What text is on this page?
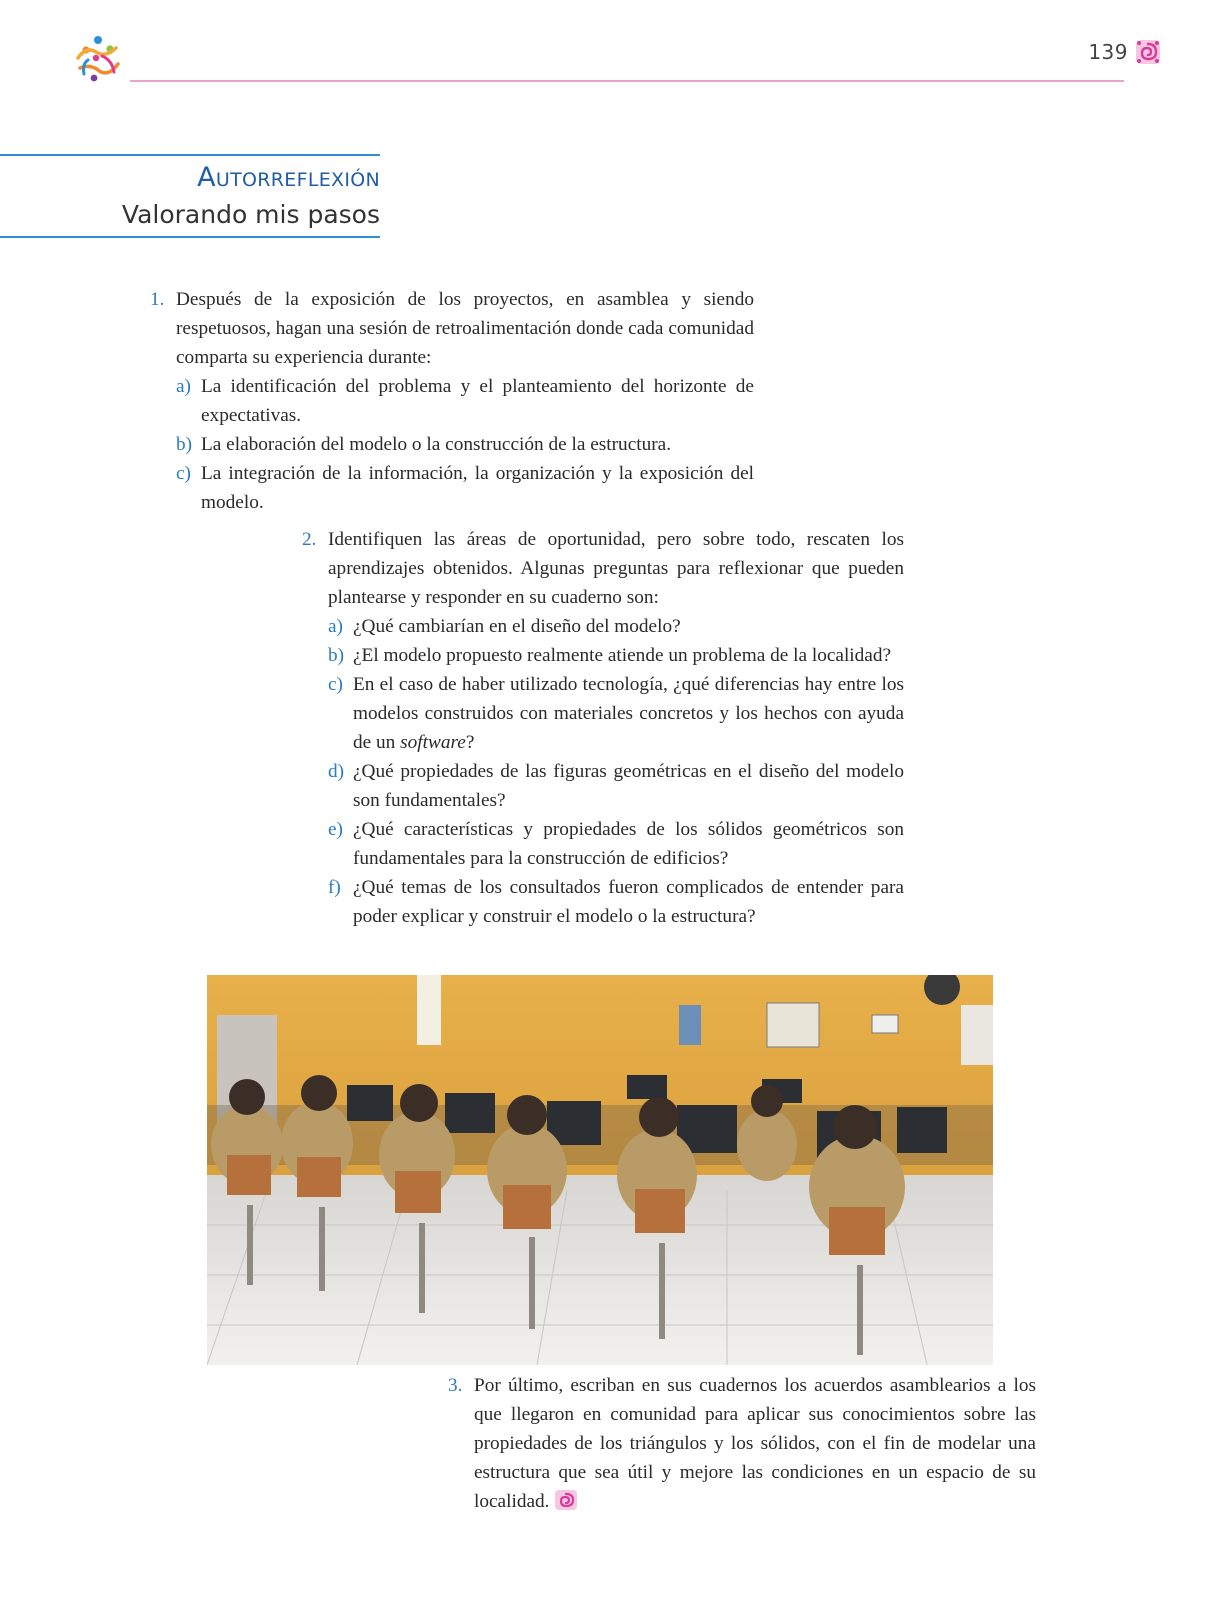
139
Autorreflexión
Valorando mis pasos
1. Después de la exposición de los proyectos, en asamblea y siendo respetuosos, hagan una sesión de retroalimentación donde cada comunidad comparta su experiencia durante:
a) La identificación del problema y el planteamiento del horizonte de expectativas.
b) La elaboración del modelo o la construcción de la estructura.
c) La integración de la información, la organización y la exposición del modelo.
2. Identifiquen las áreas de oportunidad, pero sobre todo, rescaten los aprendizajes obtenidos. Algunas preguntas para reflexionar que pueden plantearse y responder en su cuaderno son:
a) ¿Qué cambiarían en el diseño del modelo?
b) ¿El modelo propuesto realmente atiende un problema de la localidad?
c) En el caso de haber utilizado tecnología, ¿qué diferencias hay entre los modelos construidos con materiales concretos y los hechos con ayuda de un software?
d) ¿Qué propiedades de las figuras geométricas en el diseño del modelo son fundamentales?
e) ¿Qué características y propiedades de los sólidos geométricos son fundamentales para la construcción de edificios?
f) ¿Qué temas de los consultados fueron complicados de entender para poder explicar y construir el modelo o la estructura?
3. Por último, escriban en sus cuadernos los acuerdos asamblearios a los que llegaron en comunidad para aplicar sus conocimientos sobre las propiedades de los triángulos y los sólidos, con el fin de modelar una estructura que sea útil y mejore las condiciones en un espacio de su localidad.
